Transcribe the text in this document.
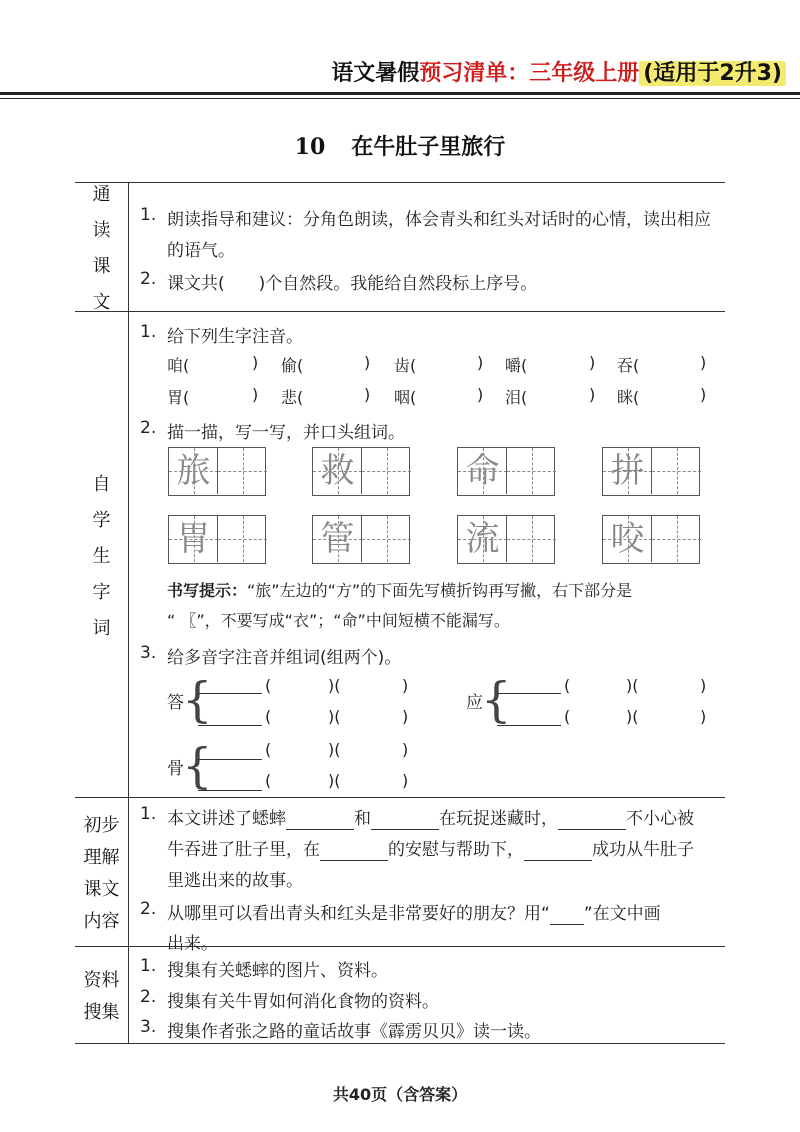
语文暑假预习清单：三年级上册 (适用于2升3)
10 在牛肚子里旅行
通
读
课
文
1. 朗读指导和建议：分角色朗读，体会青头和红头对话时的心情，读出相应
的语气。
2. 课文共(　　)个自然段。我能给自然段标上序号。
自
学
生
字
词
1. 给下列生字注音。
咱(	) 偷(	) 齿(	) 嚼(	) 吞(	)
胃(	) 悲(	) 咽(	) 泪(	) 眯(	)
2. 描一描，写一写，并口头组词。
旅	救	命	拼
胃	管	流	咬
书写提示：“旅”左边的“方”的下面先写横折钩再写撇，右下部分是
“ 〖”，不要写成“衣”；“命”中间短横不能漏写。
3. 给多音字注音并组词(组两个)。
答
{	(	)(	)
(	)(	)
应
{	(	)(	)
(	)(	)
骨
{	(	)(	)
(	)(	)
初步
理解
课文
内容
1. 本文讲述了蟋蟀	和	在玩捉迷藏时，	不小心被
牛吞进了肚子里，在	的安慰与帮助下，	成功从牛肚子
里逃出来的故事。
2. 从哪里可以看出青头和红头是非常要好的朋友？用“ ”在文中画
出来。
资料
搜集
1. 搜集有关蟋蟀的图片、资料。
2. 搜集有关牛胃如何消化食物的资料。
3. 搜集作者张之路的童话故事《霹雳贝贝》读一读。
共40页（含答案）
